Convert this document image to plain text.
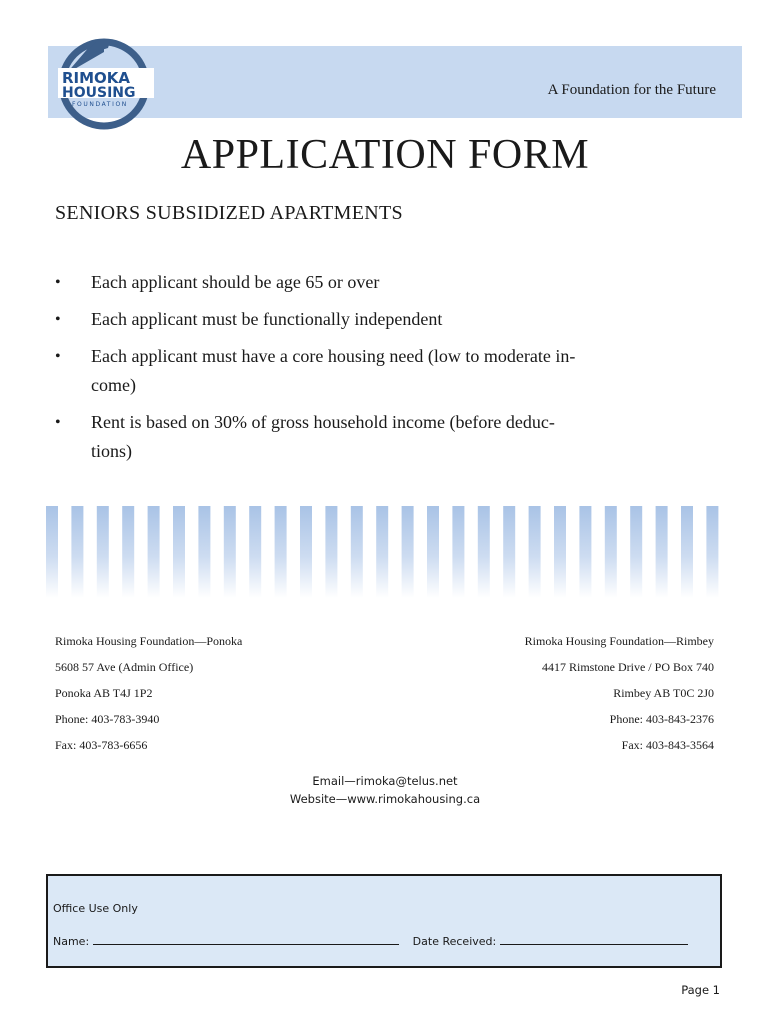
A Foundation for the Future
RIMOKA
HOUSING
FOUNDATION
APPLICATION FORM
SENIORS SUBSIDIZED APARTMENTS
• Each applicant should be age 65 or over
• Each applicant must be functionally independent
• Each applicant must have a core housing need (low to moderate in-
come)
• Rent is based on 30% of gross household income (before deduc-
tions)
Rimoka Housing Foundation—Ponoka
5608 57 Ave (Admin Office)
Ponoka AB T4J 1P2
Phone: 403-783-3940
Fax: 403-783-6656
Rimoka Housing Foundation—Rimbey
4417 Rimstone Drive / PO Box 740
Rimbey AB T0C 2J0
Phone: 403-843-2376
Fax: 403-843-3564
Email—rimoka@telus.net
Website—www.rimokahousing.ca
Office Use Only
Name:	Date Received:
Page 1
